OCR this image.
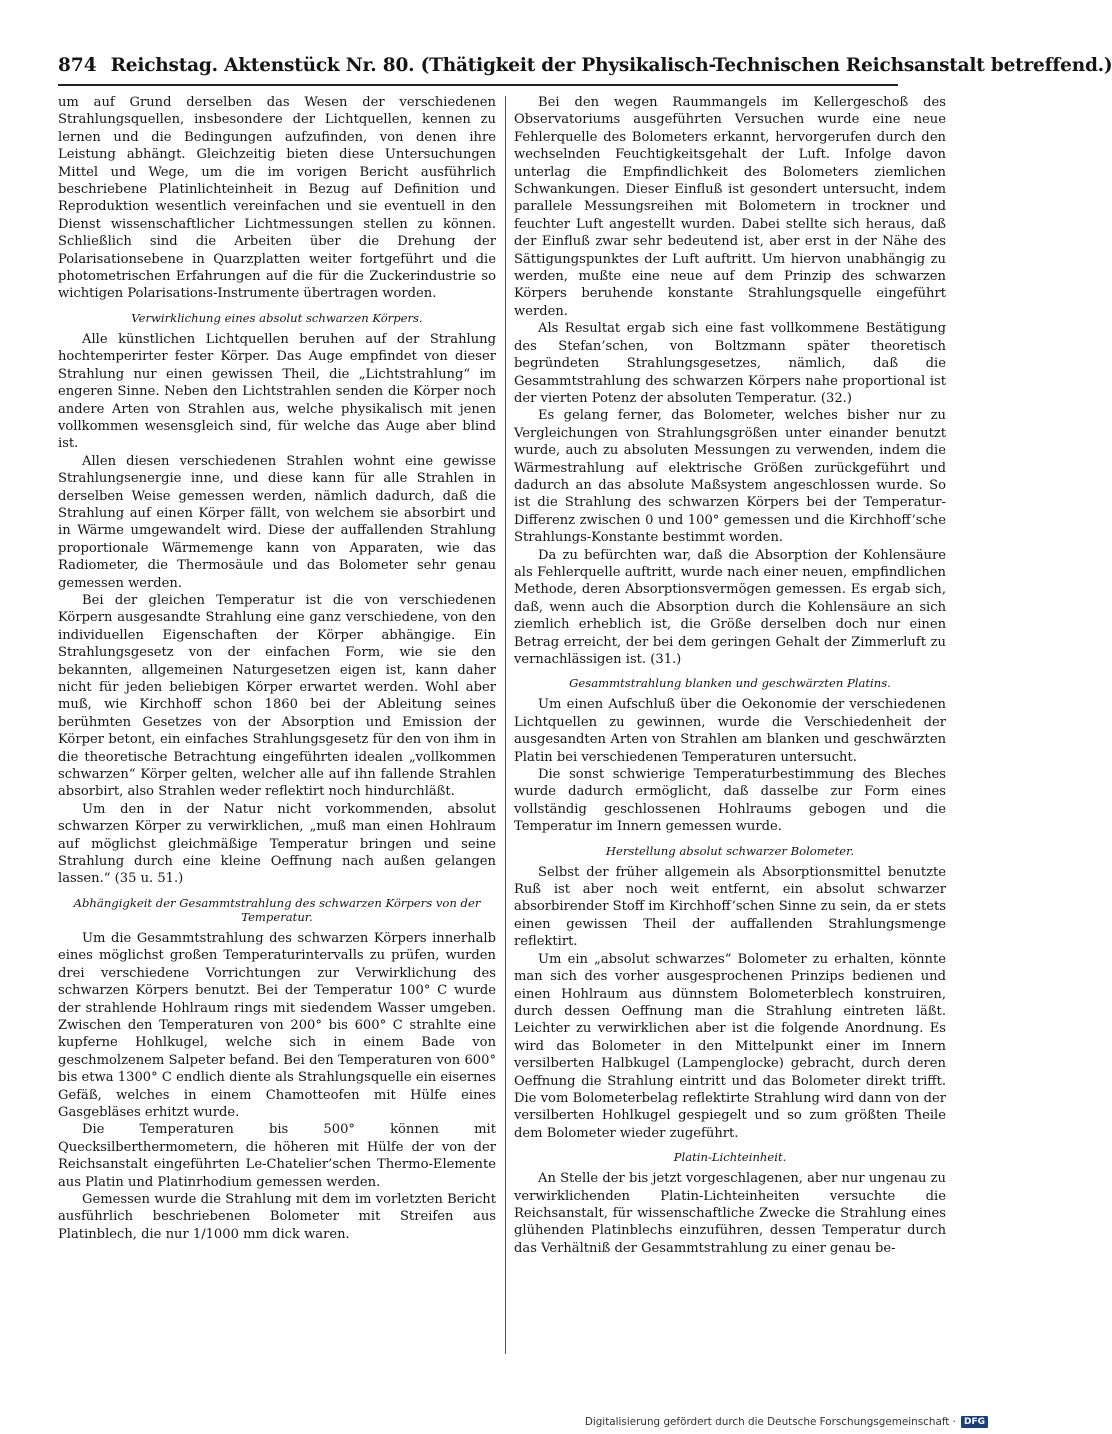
874 Reichstag. Aktenstück Nr. 80. (Thätigkeit der Physikalisch-Technischen Reichsanstalt betreffend.)

um auf Grund derselben das Wesen der verschiedenen Strahlungsquellen, insbesondere der Lichtquellen, kennen zu lernen und die Bedingungen aufzufinden, von denen ihre Leistung abhängt. Gleichzeitig bieten diese Untersuchungen Mittel und Wege, um die im vorigen Bericht ausführlich beschriebene Platinlichteinheit in Bezug auf Definition und Reproduktion wesentlich vereinfachen und sie eventuell in den Dienst wissenschaftlicher Lichtmessungen stellen zu können. Schließlich sind die Arbeiten über die Drehung der Polarisationsebene in Quarzplatten weiter fortgeführt und die photometrischen Erfahrungen auf die für die Zuckerindustrie so wichtigen Polarisations-Instrumente übertragen worden.

Verwirklichung eines absolut schwarzen Körpers.

Alle künstlichen Lichtquellen beruhen auf der Strahlung hochtemperirter fester Körper. Das Auge empfindet von dieser Strahlung nur einen gewissen Theil, die „Lichtstrahlung“ im engeren Sinne. Neben den Lichtstrahlen senden die Körper noch andere Arten von Strahlen aus, welche physikalisch mit jenen vollkommen wesensgleich sind, für welche das Auge aber blind ist.

Allen diesen verschiedenen Strahlen wohnt eine gewisse Strahlungsenergie inne, und diese kann für alle Strahlen in derselben Weise gemessen werden, nämlich dadurch, daß die Strahlung auf einen Körper fällt, von welchem sie absorbirt und in Wärme umgewandelt wird. Diese der auffallenden Strahlung proportionale Wärmemenge kann von Apparaten, wie das Radiometer, die Thermosäule und das Bolometer sehr genau gemessen werden.

Bei der gleichen Temperatur ist die von verschiedenen Körpern ausgesandte Strahlung eine ganz verschiedene, von den individuellen Eigenschaften der Körper abhängige. Ein Strahlungsgesetz von der einfachen Form, wie sie den bekannten, allgemeinen Naturgesetzen eigen ist, kann daher nicht für jeden beliebigen Körper erwartet werden. Wohl aber muß, wie Kirchhoff schon 1860 bei der Ableitung seines berühmten Gesetzes von der Absorption und Emission der Körper betont, ein einfaches Strahlungsgesetz für den von ihm in die theoretische Betrachtung eingeführten idealen „vollkommen schwarzen“ Körper gelten, welcher alle auf ihn fallende Strahlen absorbirt, also Strahlen weder reflektirt noch hindurchläßt.

Um den in der Natur nicht vorkommenden, absolut schwarzen Körper zu verwirklichen, „muß man einen Hohlraum auf möglichst gleichmäßige Temperatur bringen und seine Strahlung durch eine kleine Oeffnung nach außen gelangen lassen.“ (35 u. 51.)

Abhängigkeit der Gesammtstrahlung des schwarzen Körpers von der Temperatur.

Um die Gesammtstrahlung des schwarzen Körpers innerhalb eines möglichst großen Temperaturintervalls zu prüfen, wurden drei verschiedene Vorrichtungen zur Verwirklichung des schwarzen Körpers benutzt. Bei der Temperatur 100° C wurde der strahlende Hohlraum rings mit siedendem Wasser umgeben. Zwischen den Temperaturen von 200° bis 600° C strahlte eine kupferne Hohlkugel, welche sich in einem Bade von geschmolzenem Salpeter befand. Bei den Temperaturen von 600° bis etwa 1300° C endlich diente als Strahlungsquelle ein eisernes Gefäß, welches in einem Chamotteofen mit Hülfe eines Gasgebläses erhitzt wurde.

Die Temperaturen bis 500° können mit Quecksilberthermometern, die höheren mit Hülfe der von der Reichsanstalt eingeführten Le-Chatelier’schen Thermo-Elemente aus Platin und Platinrhodium gemessen werden.

Gemessen wurde die Strahlung mit dem im vorletzten Bericht ausführlich beschriebenen Bolometer mit Streifen aus Platinblech, die nur 1/1000 mm dick waren.

Bei den wegen Raummangels im Kellergeschoß des Observatoriums ausgeführten Versuchen wurde eine neue Fehlerquelle des Bolometers erkannt, hervorgerufen durch den wechselnden Feuchtigkeitsgehalt der Luft. Infolge davon unterlag die Empfindlichkeit des Bolometers ziemlichen Schwankungen. Dieser Einfluß ist gesondert untersucht, indem parallele Messungsreihen mit Bolometern in trockner und feuchter Luft angestellt wurden. Dabei stellte sich heraus, daß der Einfluß zwar sehr bedeutend ist, aber erst in der Nähe des Sättigungspunktes der Luft auftritt. Um hiervon unabhängig zu werden, mußte eine neue auf dem Prinzip des schwarzen Körpers beruhende konstante Strahlungsquelle eingeführt werden.

Als Resultat ergab sich eine fast vollkommene Bestätigung des Stefan’schen, von Boltzmann später theoretisch begründeten Strahlungsgesetzes, nämlich, daß die Gesammtstrahlung des schwarzen Körpers nahe proportional ist der vierten Potenz der absoluten Temperatur. (32.)

Es gelang ferner, das Bolometer, welches bisher nur zu Vergleichungen von Strahlungsgrößen unter einander benutzt wurde, auch zu absoluten Messungen zu verwenden, indem die Wärmestrahlung auf elektrische Größen zurückgeführt und dadurch an das absolute Maßsystem angeschlossen wurde. So ist die Strahlung des schwarzen Körpers bei der Temperatur-Differenz zwischen 0 und 100° gemessen und die Kirchhoff’sche Strahlungs-Konstante bestimmt worden.

Da zu befürchten war, daß die Absorption der Kohlensäure als Fehlerquelle auftritt, wurde nach einer neuen, empfindlichen Methode, deren Absorptionsvermögen gemessen. Es ergab sich, daß, wenn auch die Absorption durch die Kohlensäure an sich ziemlich erheblich ist, die Größe derselben doch nur einen Betrag erreicht, der bei dem geringen Gehalt der Zimmerluft zu vernachlässigen ist. (31.)

Gesammtstrahlung blanken und geschwärzten Platins.

Um einen Aufschluß über die Oekonomie der verschiedenen Lichtquellen zu gewinnen, wurde die Verschiedenheit der ausgesandten Arten von Strahlen am blanken und geschwärzten Platin bei verschiedenen Temperaturen untersucht.

Die sonst schwierige Temperaturbestimmung des Bleches wurde dadurch ermöglicht, daß dasselbe zur Form eines vollständig geschlossenen Hohlraums gebogen und die Temperatur im Innern gemessen wurde.

Herstellung absolut schwarzer Bolometer.

Selbst der früher allgemein als Absorptionsmittel benutzte Ruß ist aber noch weit entfernt, ein absolut schwarzer absorbirender Stoff im Kirchhoff’schen Sinne zu sein, da er stets einen gewissen Theil der auffallenden Strahlungsmenge reflektirt.

Um ein „absolut schwarzes“ Bolometer zu erhalten, könnte man sich des vorher ausgesprochenen Prinzips bedienen und einen Hohlraum aus dünnstem Bolometerblech konstruiren, durch dessen Oeffnung man die Strahlung eintreten läßt. Leichter zu verwirklichen aber ist die folgende Anordnung. Es wird das Bolometer in den Mittelpunkt einer im Innern versilberten Halbkugel (Lampenglocke) gebracht, durch deren Oeffnung die Strahlung eintritt und das Bolometer direkt trifft. Die vom Bolometerbelag reflektirte Strahlung wird dann von der versilberten Hohlkugel gespiegelt und so zum größten Theile dem Bolometer wieder zugeführt.

Platin-Lichteinheit.

An Stelle der bis jetzt vorgeschlagenen, aber nur ungenau zu verwirklichenden Platin-Lichteinheiten versuchte die Reichsanstalt, für wissenschaftliche Zwecke die Strahlung eines glühenden Platinblechs einzuführen, dessen Temperatur durch das Verhältniß der Gesammtstrahlung zu einer genau be-

Digitalisierung gefördert durch die Deutsche Forschungsgemeinschaft · DFG
